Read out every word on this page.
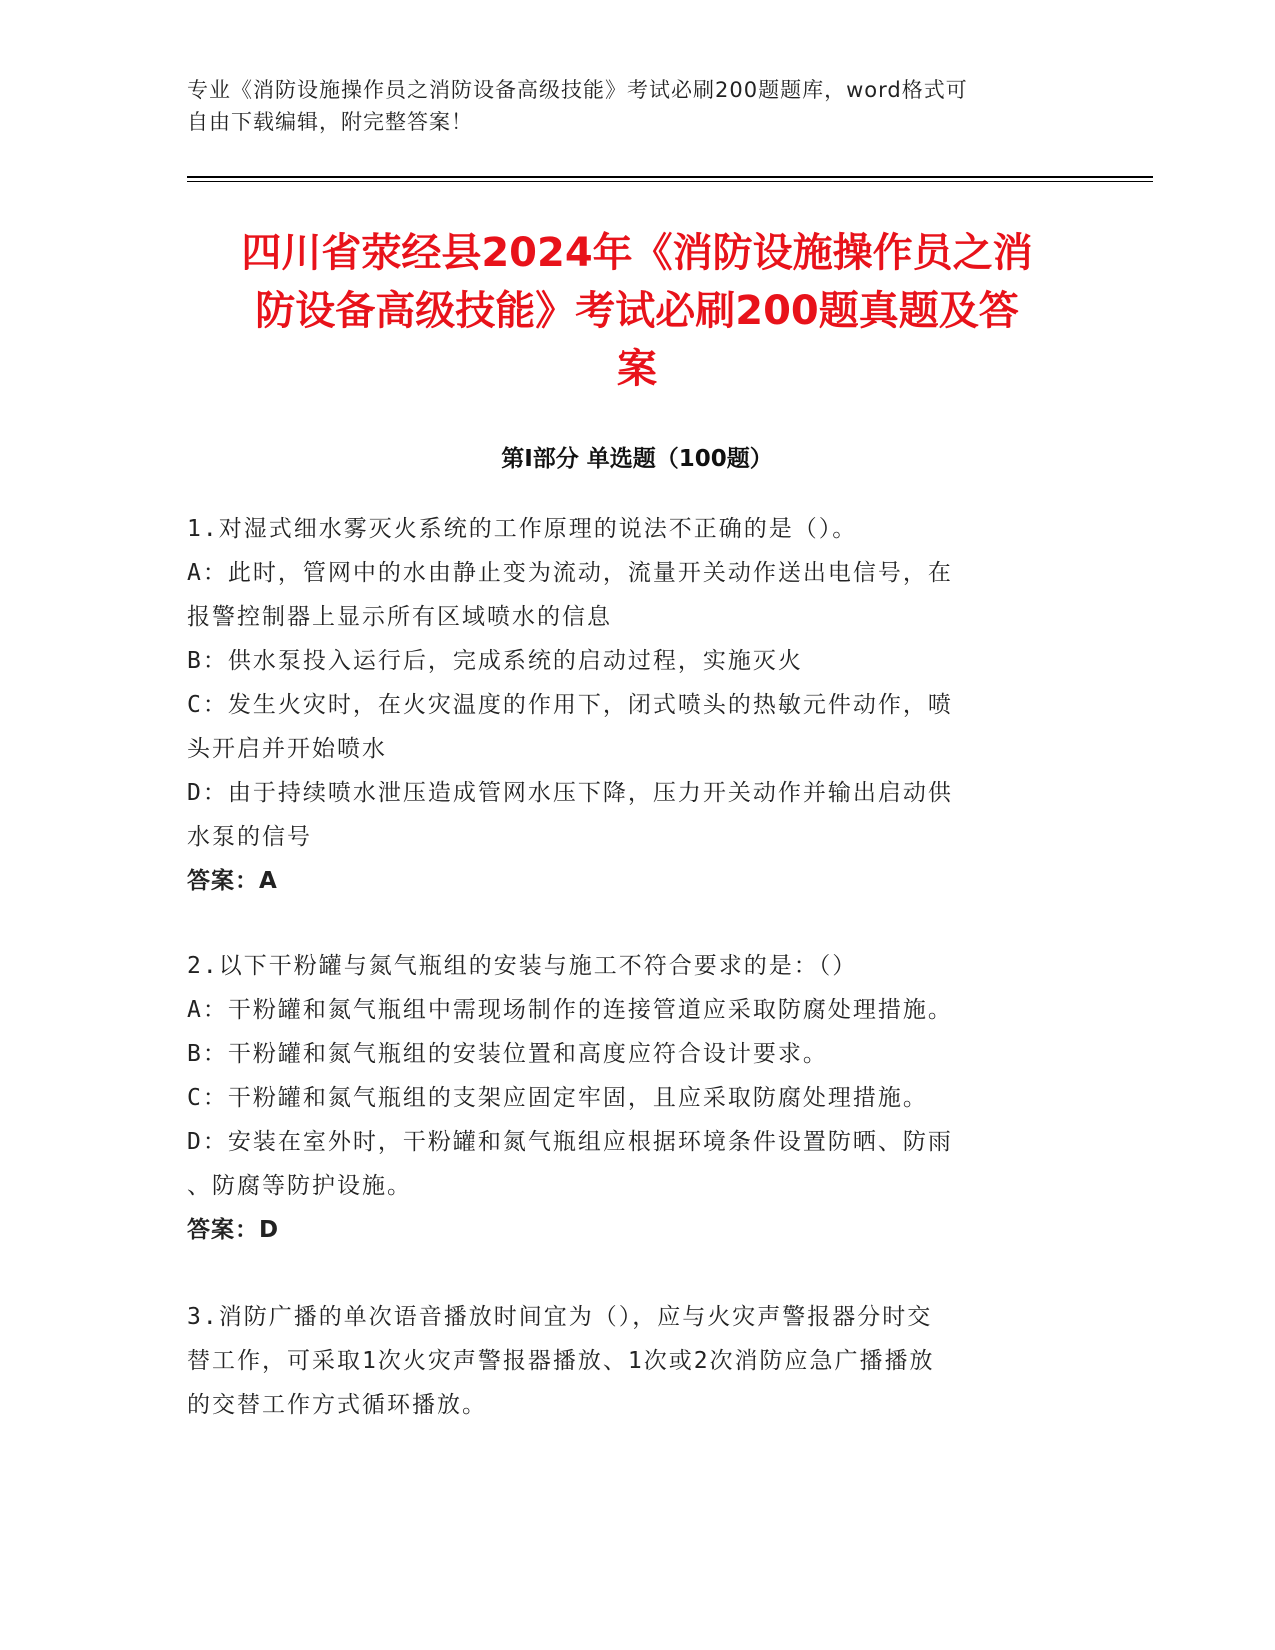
专业《消防设施操作员之消防设备高级技能》考试必刷200题题库，word格式可
自由下载编辑，附完整答案！
四川省荥经县2024年《消防设施操作员之消
防设备高级技能》考试必刷200题真题及答
案
第Ⅰ部分 单选题（100题）
1.对湿式细水雾灭火系统的工作原理的说法不正确的是（）。
A：此时，管网中的水由静止变为流动，流量开关动作送出电信号，在
报警控制器上显示所有区域喷水的信息
B：供水泵投入运行后，完成系统的启动过程，实施灭火
C：发生火灾时，在火灾温度的作用下，闭式喷头的热敏元件动作，喷
头开启并开始喷水
D：由于持续喷水泄压造成管网水压下降，压力开关动作并输出启动供
水泵的信号
答案：A
2.以下干粉罐与氮气瓶组的安装与施工不符合要求的是：（）
A：干粉罐和氮气瓶组中需现场制作的连接管道应采取防腐处理措施。
B：干粉罐和氮气瓶组的安装位置和高度应符合设计要求。
C：干粉罐和氮气瓶组的支架应固定牢固，且应采取防腐处理措施。
D：安装在室外时，干粉罐和氮气瓶组应根据环境条件设置防晒、防雨
、防腐等防护设施。
答案：D
3.消防广播的单次语音播放时间宜为（），应与火灾声警报器分时交
替工作，可采取1次火灾声警报器播放、1次或2次消防应急广播播放
的交替工作方式循环播放。
